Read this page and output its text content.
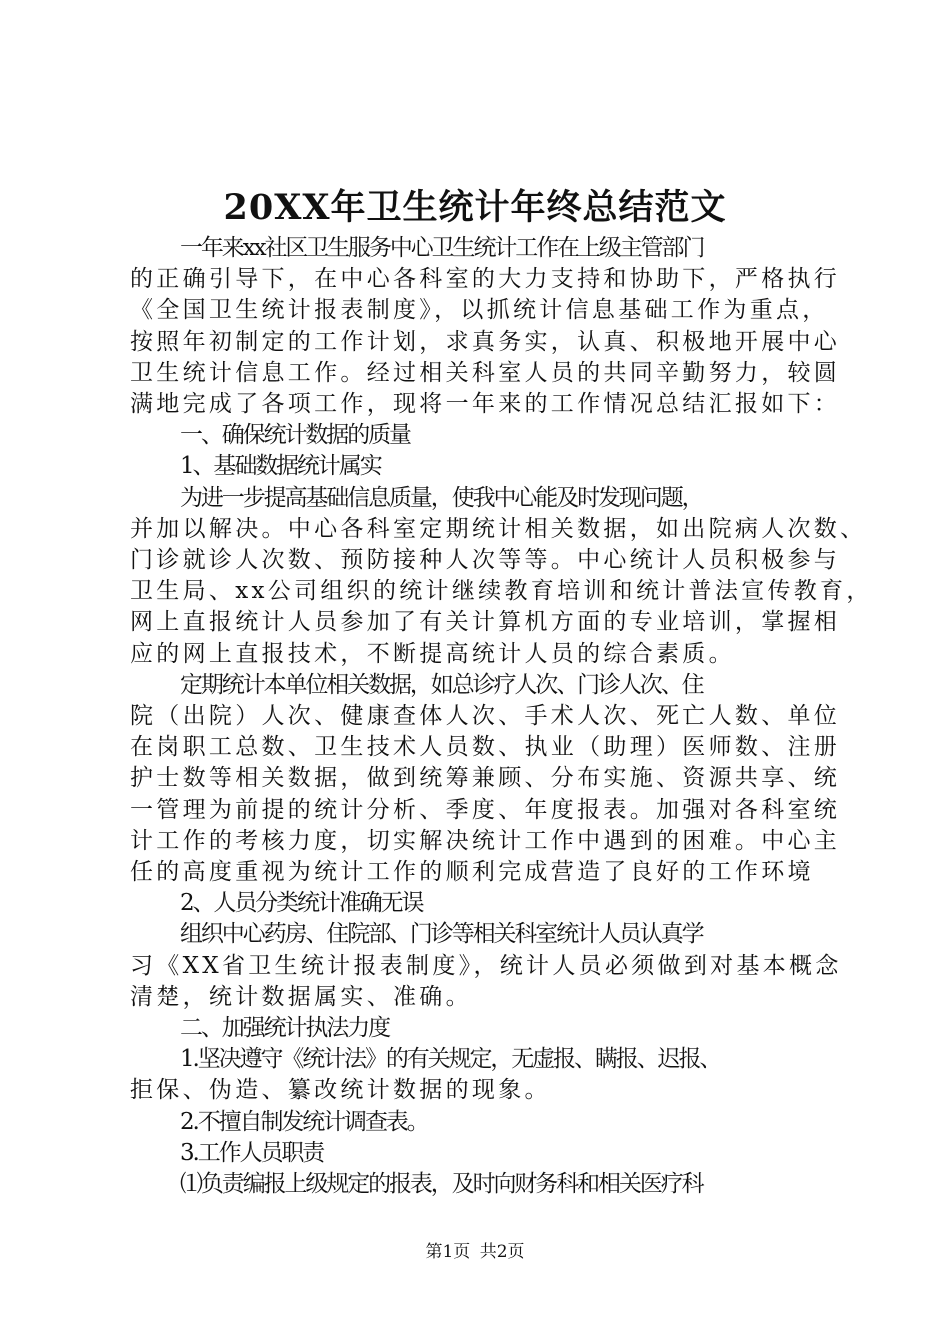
20XX年卫生统计年终总结范文
一年来xx社区卫生服务中心卫生统计工作在上级主管部门
的正确引导下，在中心各科室的大力支持和协助下，严格执行
《全国卫生统计报表制度》，以抓统计信息基础工作为重点，
按照年初制定的工作计划，求真务实，认真、积极地开展中心
卫生统计信息工作。经过相关科室人员的共同辛勤努力，较圆
满地完成了各项工作，现将一年来的工作情况总结汇报如下：
一、确保统计数据的质量
1、基础数据统计属实
为进一步提高基础信息质量，使我中心能及时发现问题，
并加以解决。中心各科室定期统计相关数据，如出院病人次数、
门诊就诊人次数、预防接种人次等等。中心统计人员积极参与
卫生局、xx公司组织的统计继续教育培训和统计普法宣传教育，
网上直报统计人员参加了有关计算机方面的专业培训，掌握相
应的网上直报技术，不断提高统计人员的综合素质。
定期统计本单位相关数据，如总诊疗人次、门诊人次、住
院（出院）人次、健康查体人次、手术人次、死亡人数、单位
在岗职工总数、卫生技术人员数、执业（助理）医师数、注册
护士数等相关数据，做到统筹兼顾、分布实施、资源共享、统
一管理为前提的统计分析、季度、年度报表。加强对各科室统
计工作的考核力度，切实解决统计工作中遇到的困难。中心主
任的高度重视为统计工作的顺利完成营造了良好的工作环境
2、人员分类统计准确无误
组织中心药房、住院部、门诊等相关科室统计人员认真学
习《XX省卫生统计报表制度》，统计人员必须做到对基本概念
清楚，统计数据属实、准确。
二、加强统计执法力度
1.坚决遵守《统计法》的有关规定，无虚报、瞒报、迟报、
拒保、伪造、纂改统计数据的现象。
2.不擅自制发统计调查表。
3.工作人员职责
⑴负责编报上级规定的报表，及时向财务科和相关医疗科
第1页 共2页
